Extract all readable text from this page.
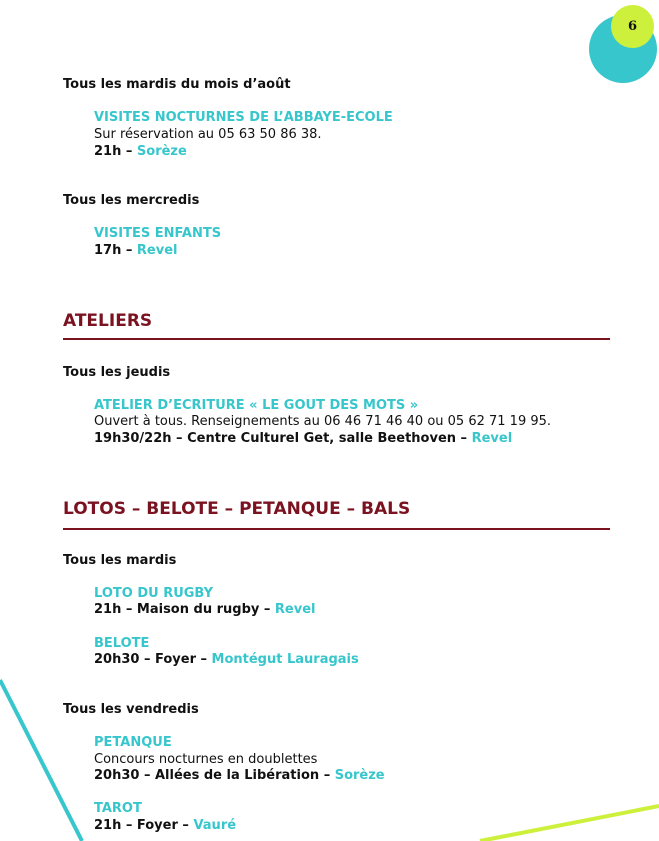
6
Tous les mardis du mois d’août
VISITES NOCTURNES DE L’ABBAYE-ECOLE
Sur réservation au 05 63 50 86 38.
21h – Sorèze
Tous les mercredis
VISITES ENFANTS
17h – Revel
ATELIERS
Tous les jeudis
ATELIER D’ECRITURE « LE GOUT DES MOTS »
Ouvert à tous. Renseignements au 06 46 71 46 40 ou 05 62 71 19 95.
19h30/22h – Centre Culturel Get, salle Beethoven – Revel
LOTOS – BELOTE – PETANQUE – BALS
Tous les mardis
LOTO DU RUGBY
21h – Maison du rugby – Revel
BELOTE
20h30 – Foyer – Montégut Lauragais
Tous les vendredis
PETANQUE
Concours nocturnes en doublettes
20h30 – Allées de la Libération – Sorèze
TAROT
21h – Foyer – Vauré
